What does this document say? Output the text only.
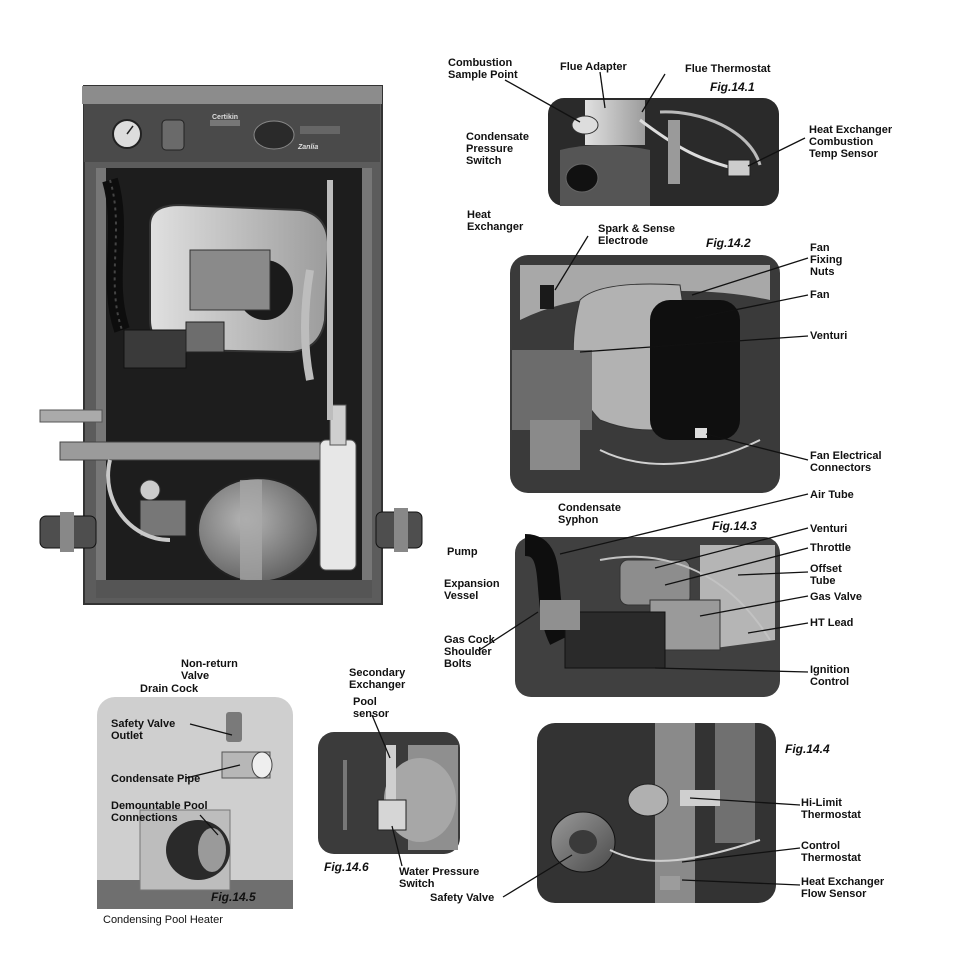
Certikin
Zanlia
Fig.14.1
Fig.14.2
Fig.14.3
Fig.14.4
Fig.14.5
Fig.14.6
Combustion
Sample Point
Flue Adapter	Flue Thermostat
Condensate
Pressure
Switch
Heat Exchanger
Combustion
Temp Sensor
Heat
Exchanger	Spark & Sense
Electrode
Fan
Fixing
Nuts
Fan
Venturi
Fan Electrical
Connectors
Condensate
Syphon
Air Tube
Venturi
Throttle
Pump
Offset
Tube
Expansion
Vessel	Gas Valve
Gas Cock
Shoulder
Bolts
HT Lead
Ignition
Control
Non-return
Valve
Drain Cock
Secondary
Exchanger
Pool
sensor
Safety Valve
Outlet
Condensate Pipe
Demountable Pool
Connections
Water Pressure
Switch
Safety Valve
Hi-Limit
Thermostat
Control
Thermostat
Heat Exchanger
Flow Sensor
Condensing Pool Heater
